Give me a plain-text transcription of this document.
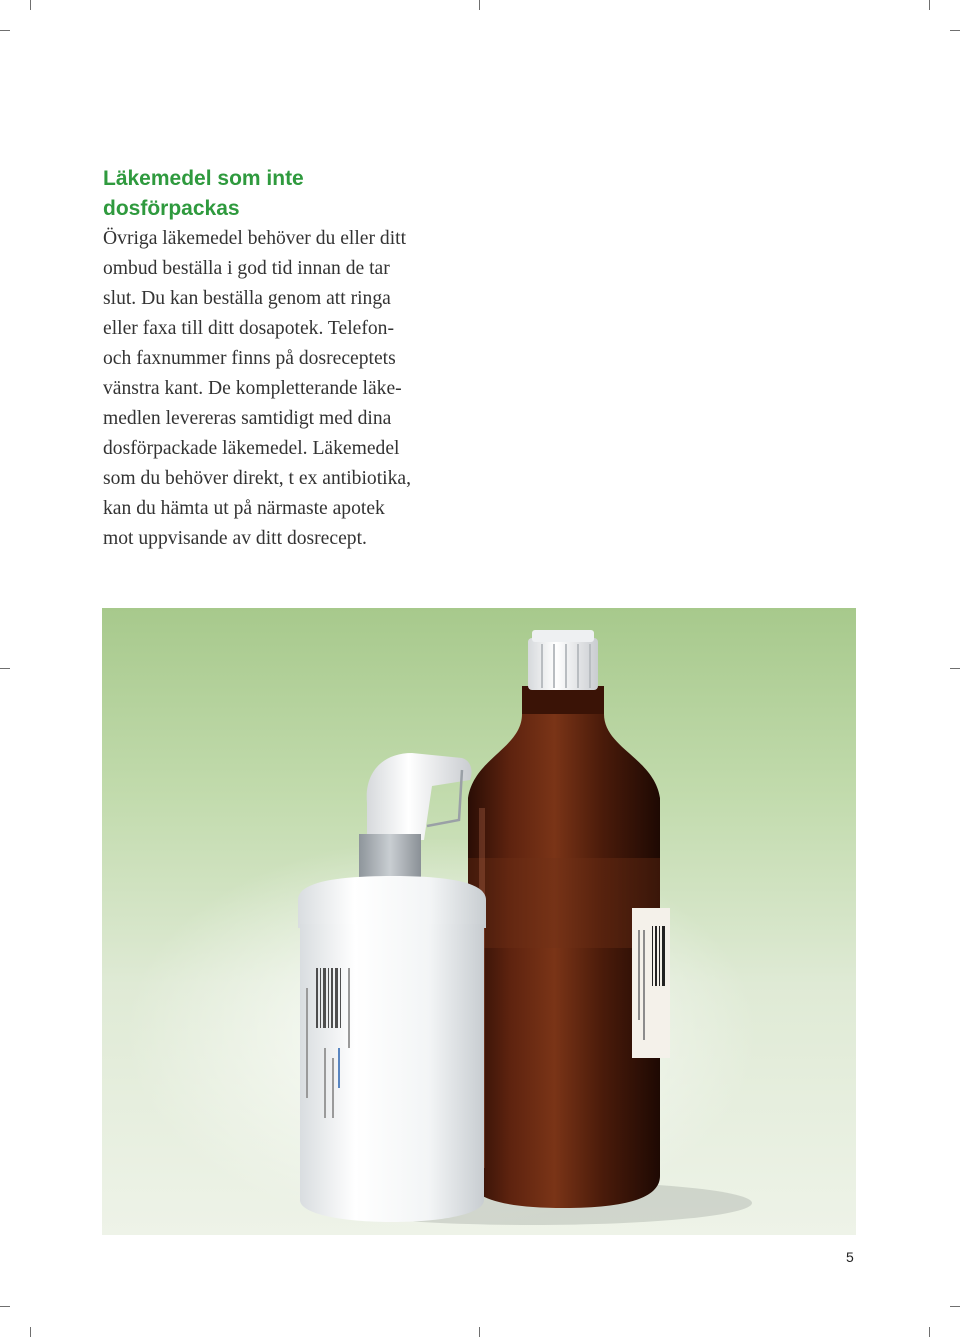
Läkemedel som inte
dosförpackas

Övriga läkemedel behöver du eller ditt
ombud beställa i god tid innan de tar
slut. Du kan beställa genom att ringa
eller faxa till ditt dosapotek. Telefon-
och faxnummer finns på dosreceptets
vänstra kant. De kompletterande läke-
medlen levereras samtidigt med dina
dosförpackade läkemedel. Läkemedel
som du behöver direkt, t ex antibiotika,
kan du hämta ut på närmaste apotek
mot uppvisande av ditt dosrecept.

5
